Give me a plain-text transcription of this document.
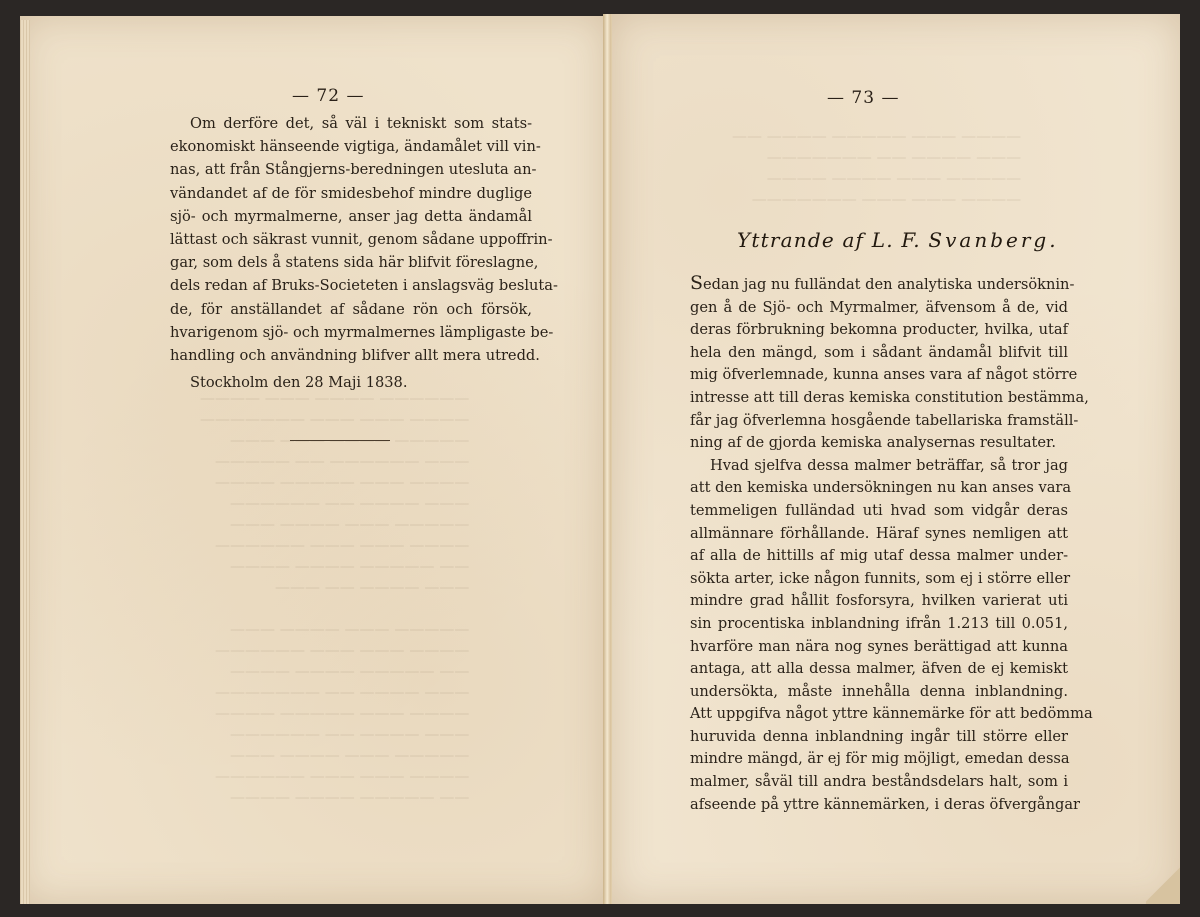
—————— ———— ——— ————
———— ——— ——— ———————
————— ———— ——— ———
——— —————— —— —————
———— ——— ————— ————
——— ———— —— ——————
————— ——— ———— ———
———— ——— ——— ——————
—— ————— ———— ————
——— ———— —— ———

————— ——— ———— ———
———— ——— ——— ——————
—— ————— ———— ————
——— ———— —— ———————
———— ——— ————— ————
——— ———— —— ——————
————— ——— ———— ———
———— ——— ——— ——————
—— ————— ———— ————
— 72 —
Om derföre det, så väl i tekniskt som stats-
ekonomiskt hänseende vigtiga, ändamålet vill vin-
nas, att från Stångjerns-beredningen utesluta an-
vändandet af de för smidesbehof mindre duglige
sjö- och myrmalmerne, anser jag detta ändamål
lättast och säkrast vunnit, genom sådane uppoffrin-
gar, som dels å statens sida här blifvit föreslagne,
dels redan af Bruks-Societeten i anslagsväg besluta-
de, för anställandet af sådane rön och försök,
hvarigenom sjö- och myrmalmernes lämpligaste be-
handling och användning blifver allt mera utredd.
Stockholm den 28 Maji 1838.
———— ——— ————— ———— ——
——— ———— —— ———————
————— ——— ———— ————
———— ——— ——— ———————
— 73 —
Yttrande af L. F. Svanberg.
Sedan jag nu fulländat den analytiska undersöknin-
gen å de Sjö- och Myrmalmer, äfvensom å de, vid
deras förbrukning bekomna producter, hvilka, utaf
hela den mängd, som i sådant ändamål blifvit till
mig öfverlemnade, kunna anses vara af något större
intresse att till deras kemiska constitution bestämma,
får jag öfverlemna hosgående tabellariska framställ-
ning af de gjorda kemiska analysernas resultater.
Hvad sjelfva dessa malmer beträffar, så tror jag
att den kemiska undersökningen nu kan anses vara
temmeligen fulländad uti hvad som vidgår deras
allmännare förhållande. Häraf synes nemligen att
af alla de hittills af mig utaf dessa malmer under-
sökta arter, icke någon funnits, som ej i större eller
mindre grad hållit fosforsyra, hvilken varierat uti
sin procentiska inblandning ifrån 1.213 till 0.051,
hvarföre man nära nog synes berättigad att kunna
antaga, att alla dessa malmer, äfven de ej kemiskt
undersökta, måste innehålla denna inblandning.
Att uppgifva något yttre kännemärke för att bedömma
huruvida denna inblandning ingår till större eller
mindre mängd, är ej för mig möjligt, emedan dessa
malmer, såväl till andra beståndsdelars halt, som i
afseende på yttre kännemärken, i deras öfvergångar
